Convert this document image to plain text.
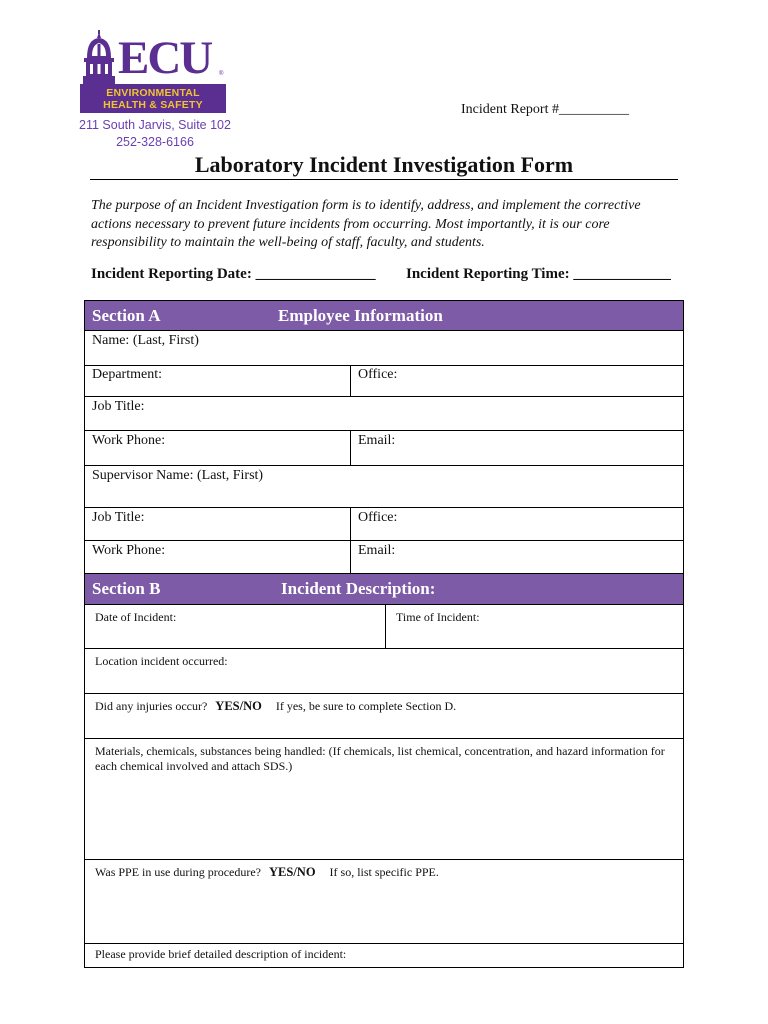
ECU ®
ENVIRONMENTAL
HEALTH & SAFETY
211 South Jarvis, Suite 102
252-328-6166
Incident Report #__________
Laboratory Incident Investigation Form
The purpose of an Incident Investigation form is to identify, address, and implement the corrective actions necessary to prevent future incidents from occurring. Most importantly, it is our core responsibility to maintain the well-being of staff, faculty, and students.
Incident Reporting Date: ________________ Incident Reporting Time: _____________
Section A	Employee Information
Name: (Last, First)
Department:	Office:
Job Title:
Work Phone:	Email:
Supervisor Name: (Last, First)
Job Title:	Office:
Work Phone:	Email:
Section B	Incident Description:
Date of Incident:	Time of Incident:
Location incident occurred:
Did any injuries occur? YES/NO If yes, be sure to complete Section D.
Materials, chemicals, substances being handled: (If chemicals, list chemical, concentration, and hazard information for each chemical involved and attach SDS.)
Was PPE in use during procedure? YES/NO If so, list specific PPE.
Please provide brief detailed description of incident:
